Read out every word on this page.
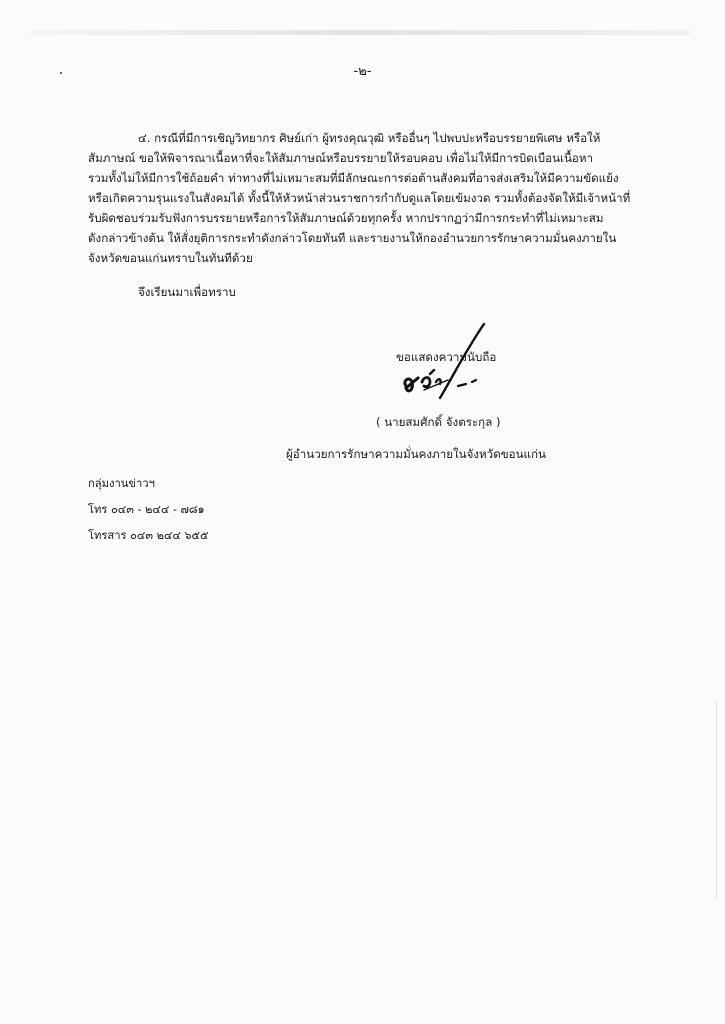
-๒-
๔. กรณีที่มีการเชิญวิทยากร ศิษย์เก่า ผู้ทรงคุณวุฒิ หรืออื่นๆ ไปพบปะหรือบรรยายพิเศษ หรือให้
สัมภาษณ์ ขอให้พิจารณาเนื้อหาที่จะให้สัมภาษณ์หรือบรรยายให้รอบคอบ เพื่อไม่ให้มีการบิดเบือนเนื้อหา
รวมทั้งไม่ให้มีการใช้ถ้อยคำ ท่าทางที่ไม่เหมาะสมที่มีลักษณะการต่อต้านสังคมที่อาจส่งเสริมให้มีความขัดแย้ง
หรือเกิดความรุนแรงในสังคมได้ ทั้งนี้ให้หัวหน้าส่วนราชการกำกับดูแลโดยเข้มงวด รวมทั้งต้องจัดให้มีเจ้าหน้าที่
รับผิดชอบร่วมรับฟังการบรรยายหรือการให้สัมภาษณ์ด้วยทุกครั้ง หากปรากฏว่ามีการกระทำที่ไม่เหมาะสม
ดังกล่าวข้างต้น ให้สั่งยุติการกระทำดังกล่าวโดยทันที และรายงานให้กองอำนวยการรักษาความมั่นคงภายใน
จังหวัดขอนแก่นทราบในทันทีด้วย
จึงเรียนมาเพื่อทราบ
ขอแสดงความนับถือ
( นายสมศักดิ์ จังตระกุล )
ผู้อำนวยการรักษาความมั่นคงภายในจังหวัดขอนแก่น
กลุ่มงานข่าวฯ
โทร ๐๔๓ - ๒๔๔ - ๗๘๑
โทรสาร ๐๔๓ ๒๔๔ ๖๕๕
